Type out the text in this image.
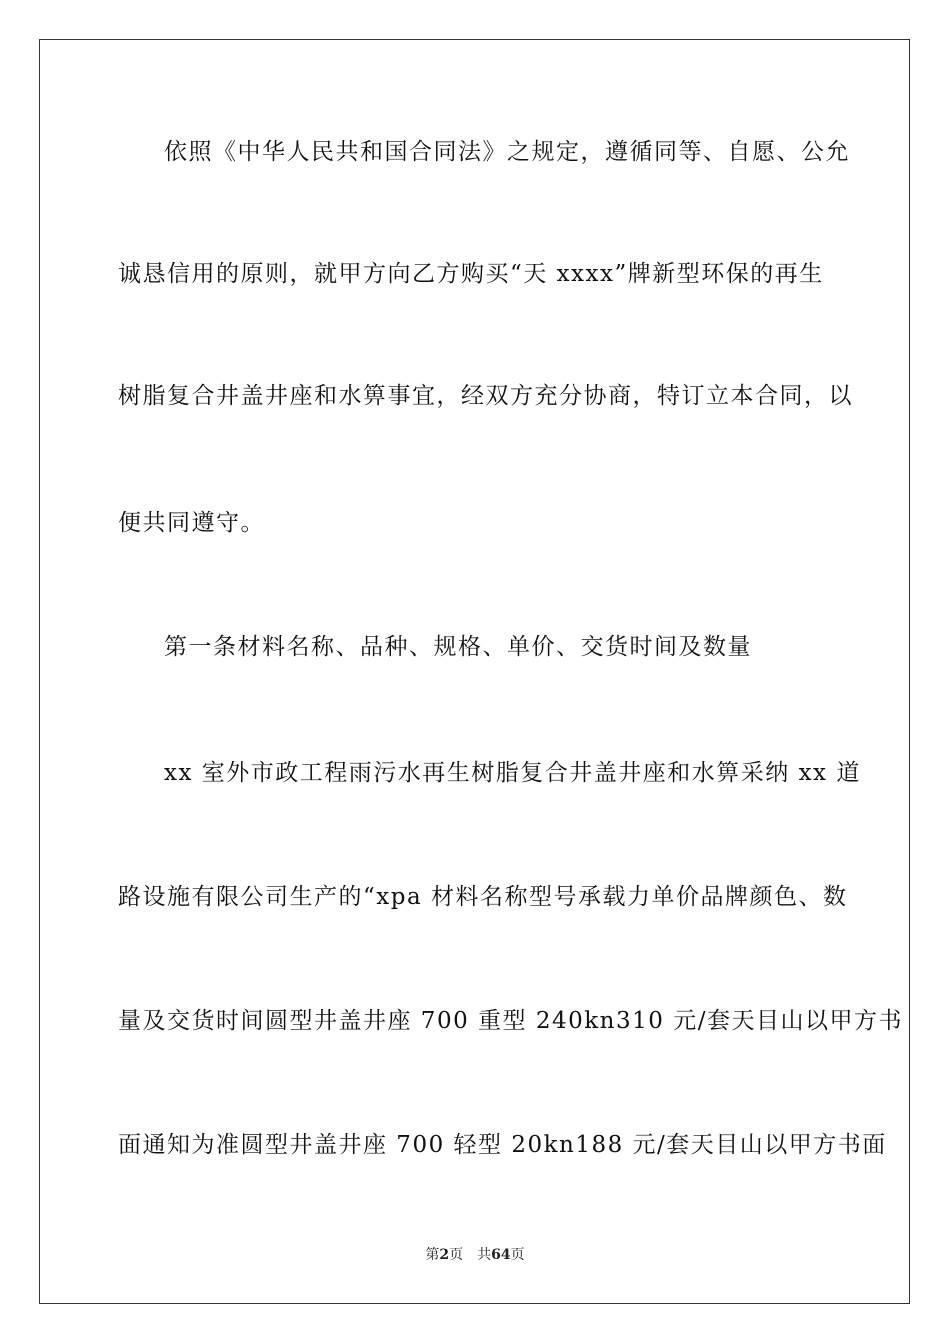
依照《中华人民共和国合同法》之规定，遵循同等、自愿、公允
诚恳信用的原则，就甲方向乙方购买“天 xxxx”牌新型环保的再生
树脂复合井盖井座和水箅事宜，经双方充分协商，特订立本合同，以
便共同遵守。
第一条材料名称、品种、规格、单价、交货时间及数量
xx 室外市政工程雨污水再生树脂复合井盖井座和水箅采纳 xx 道
路设施有限公司生产的“xpa 材料名称型号承载力单价品牌颜色、数
量及交货时间圆型井盖井座 700 重型 240kn310 元/套天目山以甲方书
面通知为准圆型井盖井座 700 轻型 20kn188 元/套天目山以甲方书面
第2页 共64页
